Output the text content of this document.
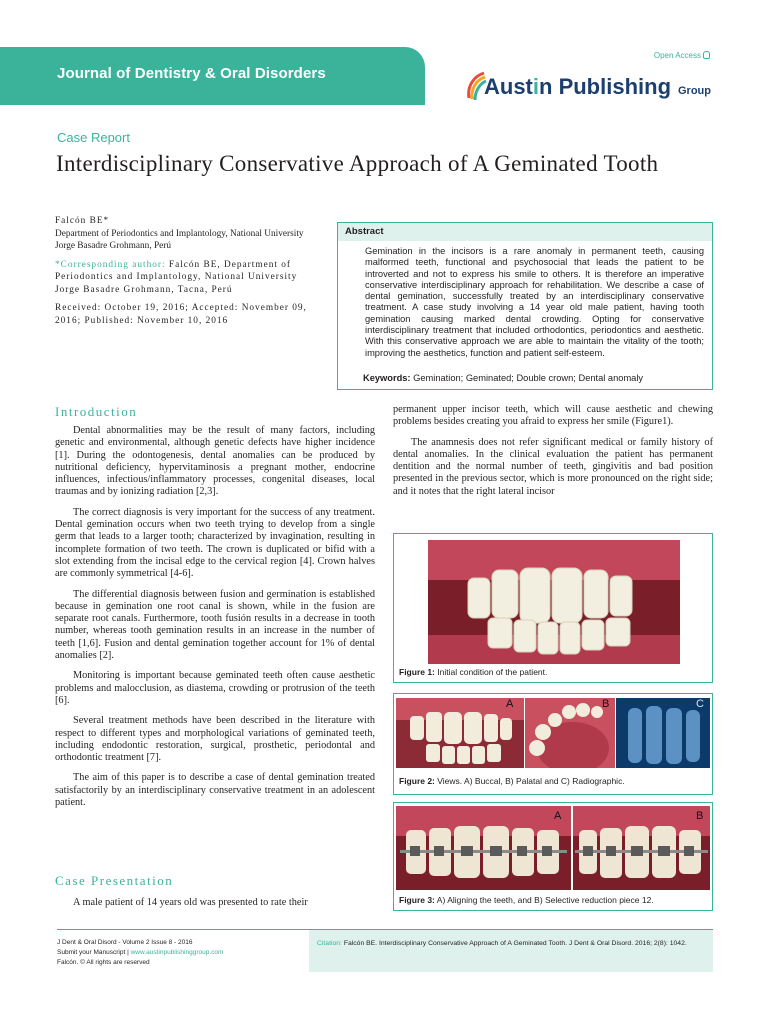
Journal of Dentistry & Oral Disorders
Open Access
Austin Publishing Group
Case Report
Interdisciplinary Conservative Approach of A Geminated Tooth

Falcón BE*

Department of Periodontics and Implantology, National University Jorge Basadre Grohmann, Perú

*Corresponding author: Falcón BE, Department of Periodontics and Implantology, National University Jorge Basadre Grohmann, Tacna, Perú

Received: October 19, 2016; Accepted: November 09, 2016; Published: November 10, 2016

Abstract

Gemination in the incisors is a rare anomaly in permanent teeth, causing malformed teeth, functional and psychosocial that leads the patient to be introverted and not to express his smile to others. It is therefore an imperative conservative interdisciplinary approach for rehabilitation. We describe a case of dental gemination, successfully treated by an interdisciplinary conservative treatment. A case study involving a 14 year old male patient, having tooth gemination causing marked dental crowding. Opting for conservative interdisciplinary treatment that included orthodontics, periodontics and aesthetic. With this conservative approach we are able to maintain the vitality of the tooth; improving the aesthetics, function and patient self-esteem.

Keywords: Gemination; Geminated; Double crown; Dental anomaly
Introduction

Dental abnormalities may be the result of many factors, including genetic and environmental, although genetic defects have higher incidence [1]. During the odontogenesis, dental anomalies can be produced by nutritional deficiency, hypervitaminosis a pregnant mother, endocrine influences, infectious/inflammatory processes, congenital diseases, local traumas and by ionizing radiation [2,3].

The correct diagnosis is very important for the success of any treatment. Dental gemination occurs when two teeth trying to develop from a single germ that leads to a larger tooth; characterized by invagination, resulting in incomplete formation of two teeth. The crown is duplicated or bifid with a slot extending from the incisal edge to the cervical region [4]. Crown halves are commonly symmetrical [4-6].

The differential diagnosis between fusion and germination is established because in gemination one root canal is shown, while in the fusion are separate root canals. Furthermore, tooth fusión results in a decrease in tooth number, whereas tooth gemination results in an increase in the number of teeth [1,6]. Fusion and dental gemination together account for 1% of dental anomalies [2].

Monitoring is important because geminated teeth often cause aesthetic problems and malocclusion, as diastema, crowding or protrusion of the teeth [6].

Several treatment methods have been described in the literature with respect to different types and morphological variations of geminated teeth, including endodontic restoration, surgical, prosthetic, periodontal and orthodontic treatment [7].

The aim of this paper is to describe a case of dental gemination treated satisfactorily by an interdisciplinary conservative treatment in an adolescent patient.

Case Presentation

A male patient of 14 years old was presented to rate their

permanent upper incisor teeth, which will cause aesthetic and chewing problems besides creating you afraid to express her smile (Figure1).

The anamnesis does not refer significant medical or family history of dental anomalies. In the clinical evaluation the patient has permanent dentition and the normal number of teeth, gingivitis and bad position presented in the previous sector, which is more pronounced on the right side; and it notes that the right lateral incisor

Figure 1: Initial condition of the patient.
A	B	C
Figure 2: Views. A) Buccal, B) Palatal and C) Radiographic.
A	B
Figure 3: A) Aligning the teeth, and B) Selective reduction piece 12.
J Dent & Oral Disord - Volume 2 Issue 8 - 2016
Submit your Manuscript | www.austinpublishinggroup.com
Falcón. © All rights are reserved
Citation: Falcón BE. Interdisciplinary Conservative Approach of A Geminated Tooth. J Dent & Oral Disord. 2016; 2(8): 1042.
